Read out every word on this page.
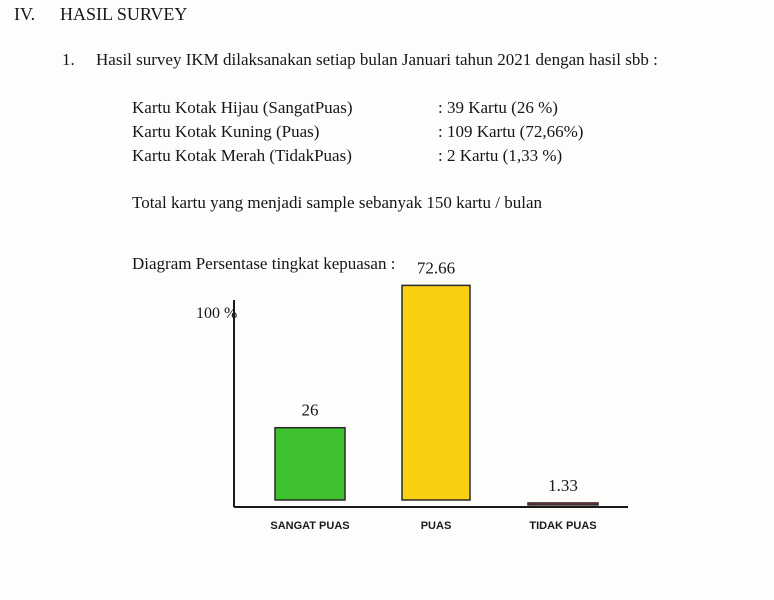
IV. HASIL SURVEY
1. Hasil survey IKM dilaksanakan setiap bulan Januari tahun 2021 dengan hasil sbb :
Kartu Kotak Hijau (SangatPuas)	: 39 Kartu (26 %)
Kartu Kotak Kuning (Puas)	: 109 Kartu (72,66%)
Kartu Kotak Merah (TidakPuas)	: 2 Kartu (1,33 %)
Total kartu yang menjadi sample sebanyak 150 kartu / bulan
Diagram Persentase tingkat kepuasan :
100 %
26
SANGAT PUAS
72.66
PUAS
1.33
TIDAK PUAS
